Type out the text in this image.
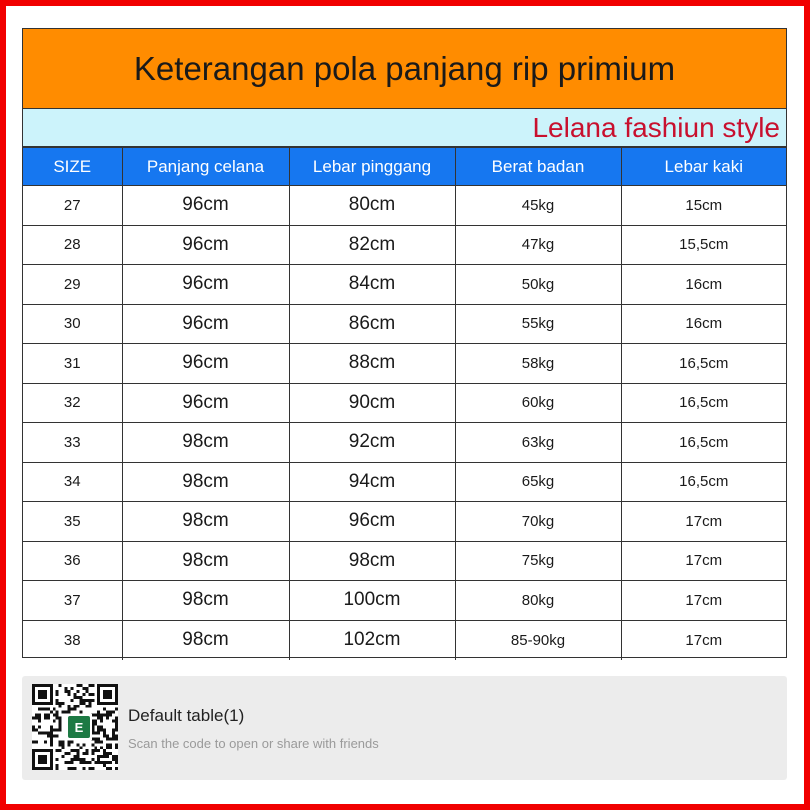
Keterangan pola panjang rip primium
Lelana fashiun style
SIZE	Panjang celana	Lebar pinggang	Berat badan	Lebar kaki
27	96cm	80cm	45kg	15cm
28	96cm	82cm	47kg	15,5cm
29	96cm	84cm	50kg	16cm
30	96cm	86cm	55kg	16cm
31	96cm	88cm	58kg	16,5cm
32	96cm	90cm	60kg	16,5cm
33	98cm	92cm	63kg	16,5cm
34	98cm	94cm	65kg	16,5cm
35	98cm	96cm	70kg	17cm
36	98cm	98cm	75kg	17cm
37	98cm	100cm	80kg	17cm
38	98cm	102cm	85-90kg	17cm
E
Default table(1)
Scan the code to open or share with friends
